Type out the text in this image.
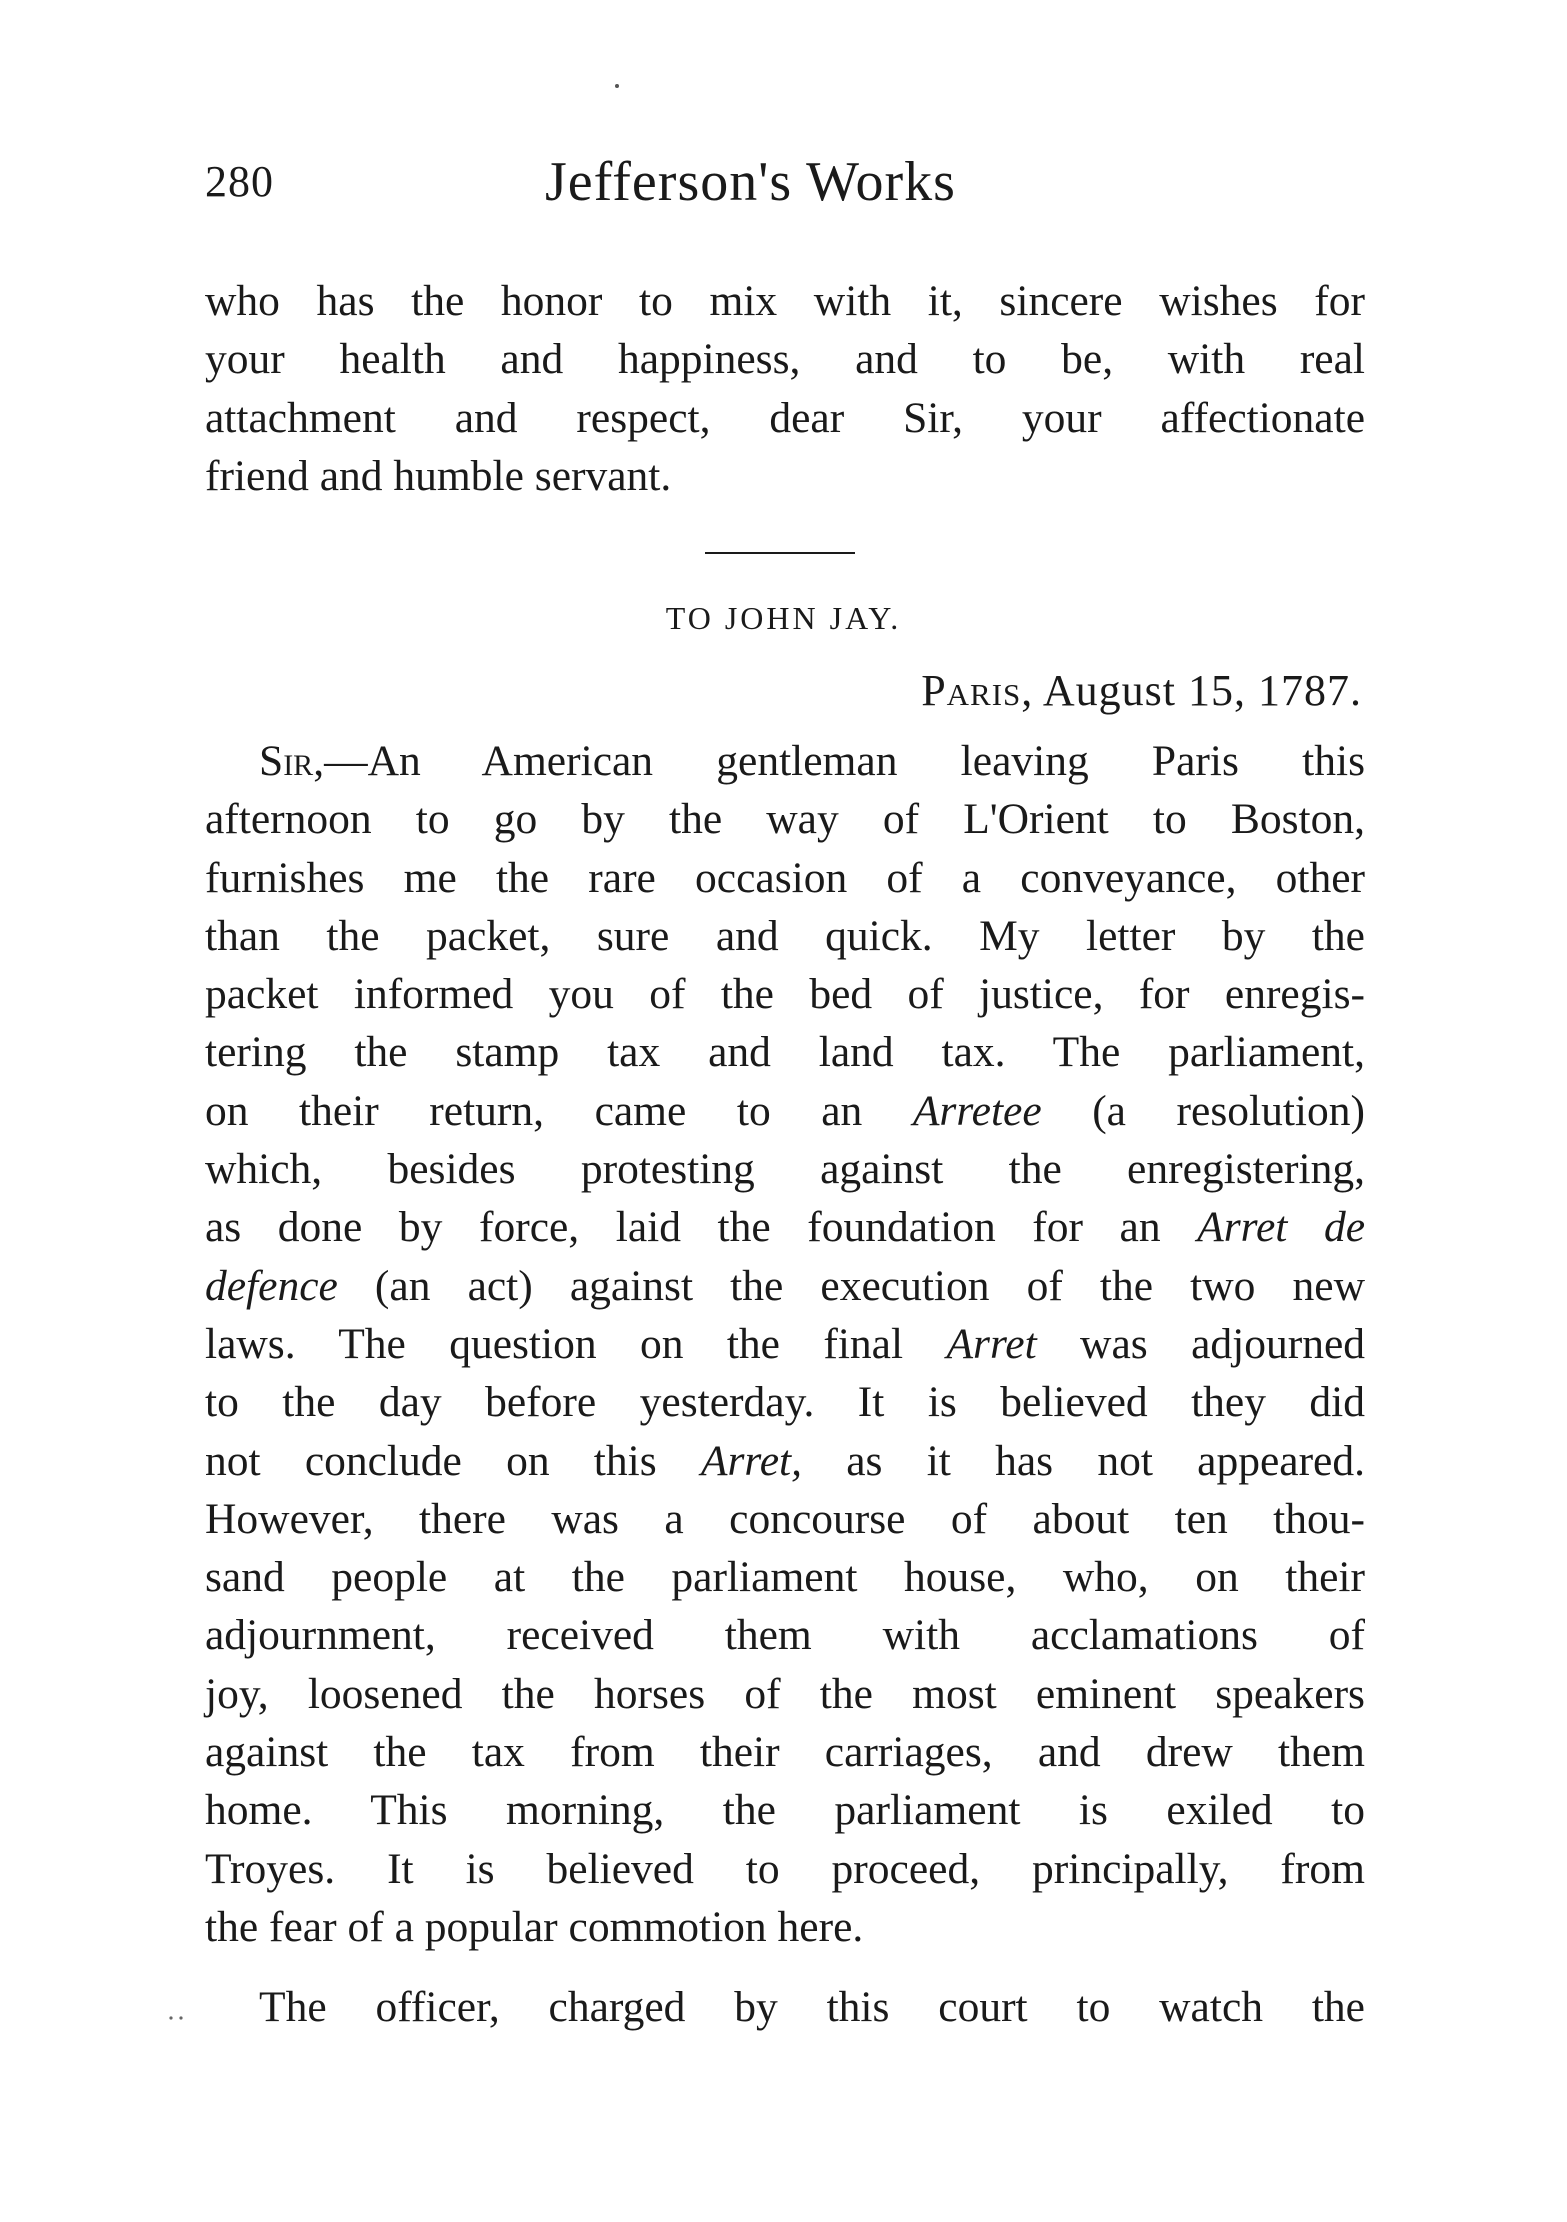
280	Jefferson's Works
who has the honor to mix with it, sincere wishes for
your health and happiness, and to be, with real
attachment and respect, dear Sir, your affectionate
friend and humble servant.
TO JOHN JAY.
Paris, August 15, 1787.
Sir,—An American gentleman leaving Paris this
afternoon to go by the way of L'Orient to Boston,
furnishes me the rare occasion of a conveyance, other
than the packet, sure and quick. My letter by the
packet informed you of the bed of justice, for enregis-
tering the stamp tax and land tax. The parliament,
on their return, came to an Arretee (a resolution)
which, besides protesting against the enregistering,
as done by force, laid the foundation for an Arret de
defence (an act) against the execution of the two new
laws. The question on the final Arret was adjourned
to the day before yesterday. It is believed they did
not conclude on this Arret, as it has not appeared.
However, there was a concourse of about ten thou-
sand people at the parliament house, who, on their
adjournment, received them with acclamations of
joy, loosened the horses of the most eminent speakers
against the tax from their carriages, and drew them
home. This morning, the parliament is exiled to
Troyes. It is believed to proceed, principally, from
the fear of a popular commotion here.
The officer, charged by this court to watch the
